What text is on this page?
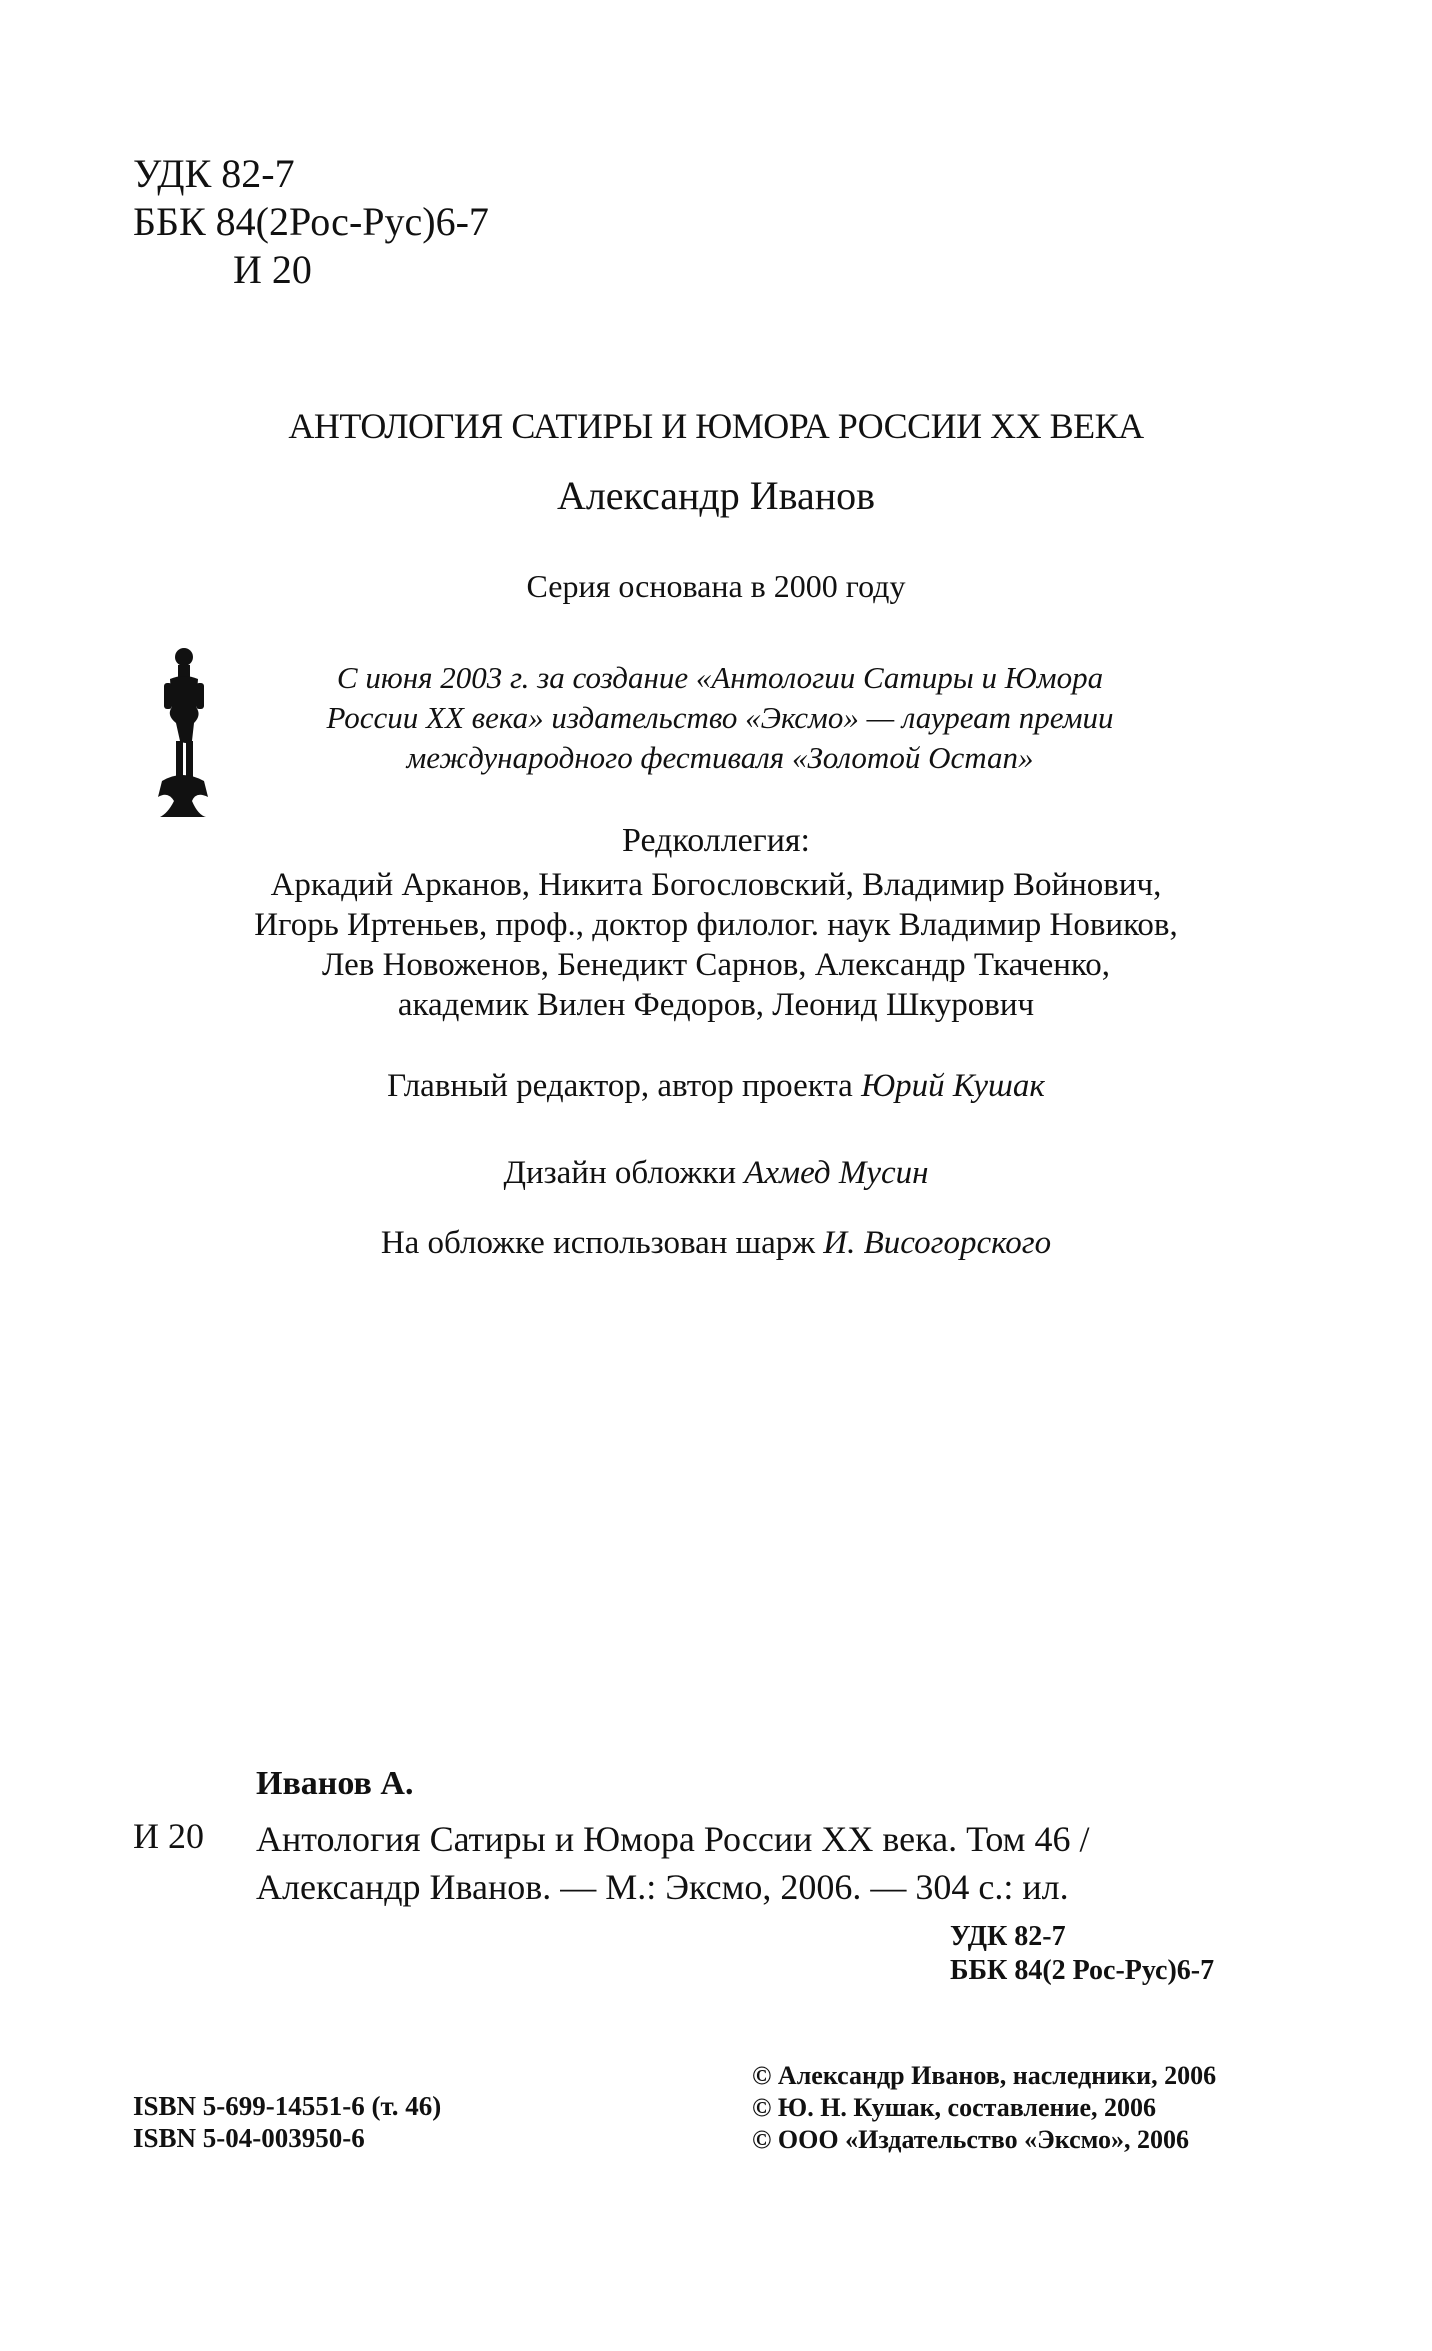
УДК 82-7
ББК 84(2Рос-Рус)6-7
И 20
АНТОЛОГИЯ САТИРЫ И ЮМОРА РОССИИ XX ВЕКА
Александр Иванов
Серия основана в 2000 году
С июня 2003 г. за создание «Антологии Сатиры и Юмора
России XX века» издательство «Эксмо» — лауреат премии
международного фестиваля «Золотой Остап»
Редколлегия:
Аркадий Арканов, Никита Богословский, Владимир Войнович,
Игорь Иртеньев, проф., доктор филолог. наук Владимир Новиков,
Лев Новоженов, Бенедикт Сарнов, Александр Ткаченко,
академик Вилен Федоров, Леонид Шкурович
Главный редактор, автор проекта Юрий Кушак
Дизайн обложки Ахмед Мусин
На обложке использован шарж И. Висогорского
Иванов А.
И 20 Антология Сатиры и Юмора России XX века. Том 46 /
Александр Иванов. — М.: Эксмо, 2006. — 304 с.: ил.
УДК 82-7
ББК 84(2 Рос-Рус)6-7
ISBN 5-699-14551-6 (т. 46)
ISBN 5-04-003950-6
© Александр Иванов, наследники, 2006
© Ю. Н. Кушак, составление, 2006
© ООО «Издательство «Эксмо», 2006
